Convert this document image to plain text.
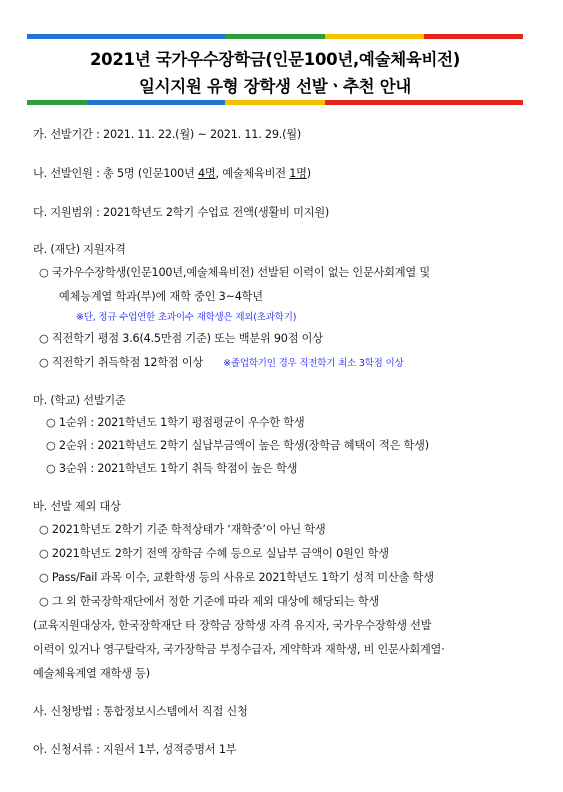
2021년 국가우수장학금(인문100년,예술체육비전)
일시지원 유형 장학생 선발ㆍ추천 안내
가. 선발기간 : 2021. 11. 22.(월) ~ 2021. 11. 29.(월)
나. 선발인원 : 총 5명 (인문100년 4명, 예술체육비전 1명)
다. 지원범위 : 2021학년도 2학기 수업료 전액(생활비 미지원)
라. (재단) 지원자격
○ 국가우수장학생(인문100년,예술체육비전) 선발된 이력이 없는 인문사회계열 및
예체능계열 학과(부)에 재학 중인 3~4학년
※단, 정규 수업연한 초과이수 재학생은 제외(초과학기)
○ 직전학기 평점 3.6(4.5만점 기준) 또는 백분위 90점 이상
○ 직전학기 취득학점 12학점 이상 ※졸업학기인 경우 직전학기 최소 3학점 이상
마. (학교) 선발기준
○ 1순위 : 2021학년도 1학기 평점평균이 우수한 학생
○ 2순위 : 2021학년도 2학기 실납부금액이 높은 학생(장학금 혜택이 적은 학생)
○ 3순위 : 2021학년도 1학기 취득 학점이 높은 학생
바. 선발 제외 대상
○ 2021학년도 2학기 기준 학적상태가 ‘재학중’이 아닌 학생
○ 2021학년도 2학기 전액 장학금 수혜 등으로 실납부 금액이 0원인 학생
○ Pass/Fail 과목 이수, 교환학생 등의 사유로 2021학년도 1학기 성적 미산출 학생
○ 그 외 한국장학재단에서 정한 기준에 따라 제외 대상에 해당되는 학생
(교육지원대상자, 한국장학재단 타 장학금 장학생 자격 유지자, 국가우수장학생 선발
이력이 있거나 영구탈락자, 국가장학금 부정수급자, 계약학과 재학생, 비 인문사회계열·
예술체육계열 재학생 등)
사. 신청방법 : 통합정보시스템에서 직접 신청
아. 신청서류 : 지원서 1부, 성적증명서 1부
